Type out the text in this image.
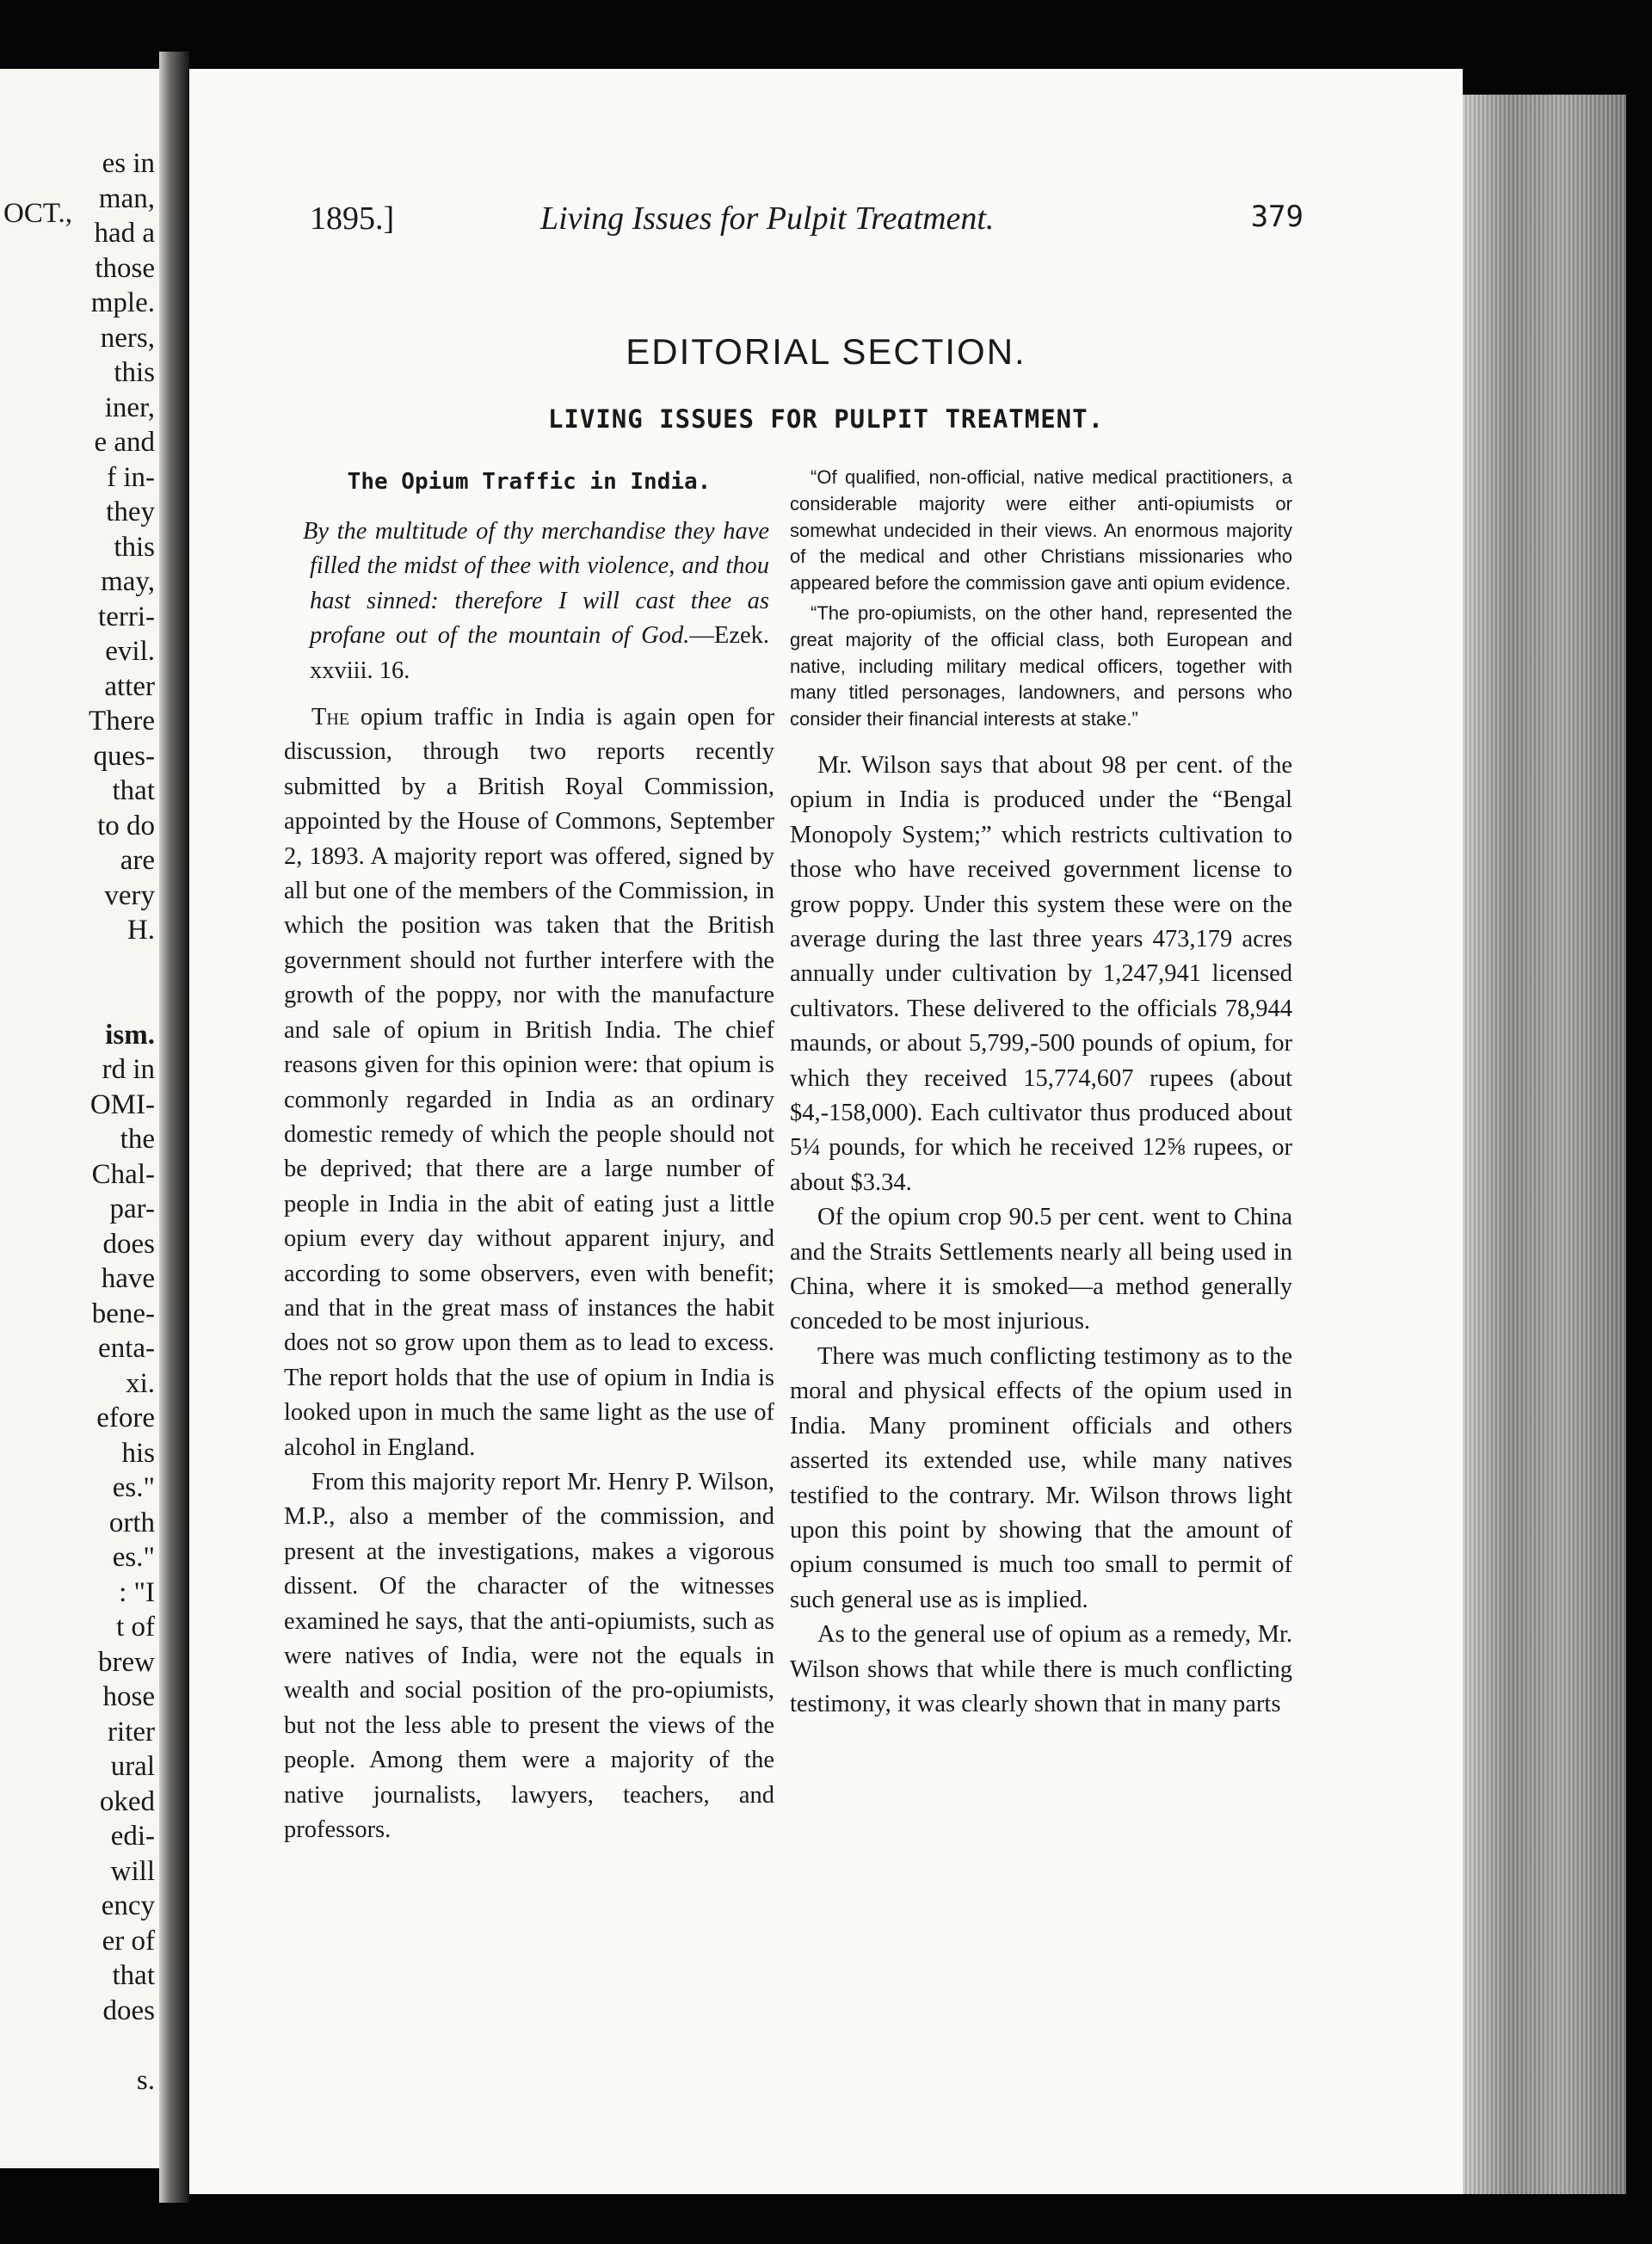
OCT.,
es in
man,
had a
those
mple.
ners,
this
iner,
e and
f in-
they
this
may,
terri-
evil.
atter
There
ques-
that
to do
are
very
H.

ism.
rd in
OMI-
the
Chal-
par-
does
have
bene-
enta-
xi.
efore
his
es."
orth
es."
: "I
t of
brew
hose
riter
ural
oked
edi-
will
ency
er of
that
does

s.
1895.]	Living Issues for Pulpit Treatment.	379
EDITORIAL SECTION.
LIVING ISSUES FOR PULPIT TREATMENT.
The Opium Traffic in India.
By the multitude of thy merchandise they have filled the midst of thee with violence, and thou hast sinned: therefore I will cast thee as profane out of the mountain of God.—Ezek. xxviii. 16.

The opium traffic in India is again open for discussion, through two reports recently submitted by a British Royal Commission, appointed by the House of Commons, September 2, 1893. A majority report was offered, signed by all but one of the members of the Commission, in which the position was taken that the British government should not further interfere with the growth of the poppy, nor with the manufacture and sale of opium in British India. The chief reasons given for this opinion were: that opium is commonly regarded in India as an ordinary domestic remedy of which the people should not be deprived; that there are a large number of people in India in the abit of eating just a little opium every day without apparent injury, and according to some observers, even with benefit; and that in the great mass of instances the habit does not so grow upon them as to lead to excess. The report holds that the use of opium in India is looked upon in much the same light as the use of alcohol in England.

From this majority report Mr. Henry P. Wilson, M.P., also a member of the commission, and present at the investigations, makes a vigorous dissent. Of the character of the witnesses examined he says, that the anti-opiumists, such as were natives of India, were not the equals in wealth and social position of the pro-opiumists, but not the less able to present the views of the people. Among them were a majority of the native journalists, lawyers, teachers, and professors.

“Of qualified, non-official, native medical practitioners, a considerable majority were either anti-opiumists or somewhat undecided in their views. An enormous majority of the medical and other Christians missionaries who appeared before the commission gave anti opium evidence.

“The pro-opiumists, on the other hand, represented the great majority of the official class, both European and native, including military medical officers, together with many titled personages, landowners, and persons who consider their financial interests at stake.”

Mr. Wilson says that about 98 per cent. of the opium in India is produced under the “Bengal Monopoly System;” which restricts cultivation to those who have received government license to grow poppy. Under this system these were on the average during the last three years 473,179 acres annually under cultivation by 1,247,941 licensed cultivators. These delivered to the officials 78,944 maunds, or about 5,799,-500 pounds of opium, for which they received 15,774,607 rupees (about $4,-158,000). Each cultivator thus produced about 5¼ pounds, for which he received 12⅝ rupees, or about $3.34.

Of the opium crop 90.5 per cent. went to China and the Straits Settlements nearly all being used in China, where it is smoked—a method generally conceded to be most injurious.

There was much conflicting testimony as to the moral and physical effects of the opium used in India. Many prominent officials and others asserted its extended use, while many natives testified to the contrary. Mr. Wilson throws light upon this point by showing that the amount of opium consumed is much too small to permit of such general use as is implied.

As to the general use of opium as a remedy, Mr. Wilson shows that while there is much conflicting testimony, it was clearly shown that in many parts
